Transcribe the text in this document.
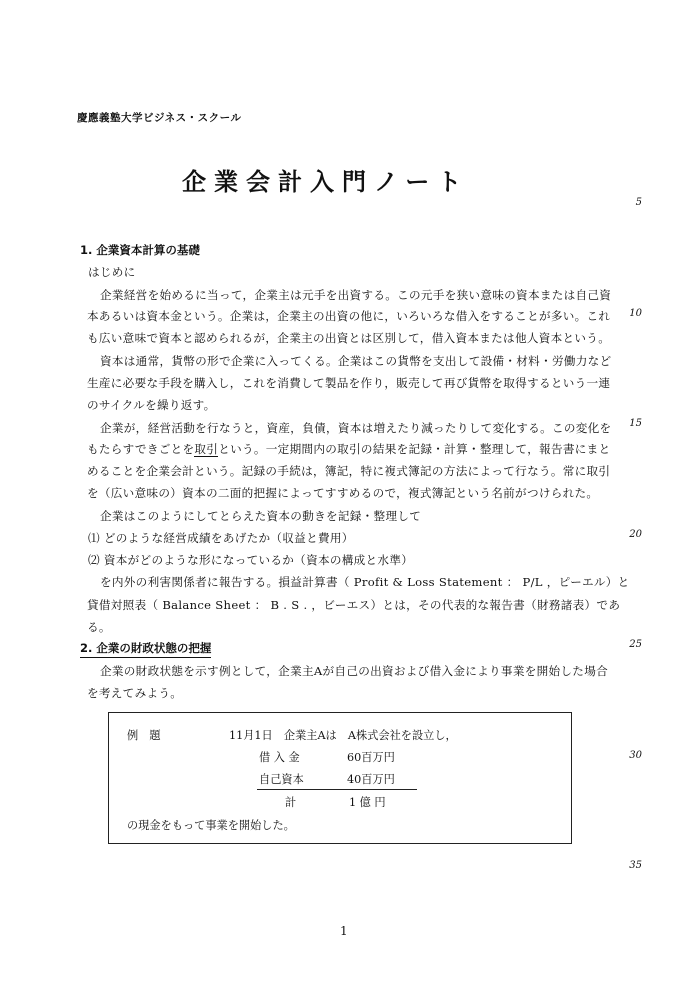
慶應義塾大学ビジネス・スクール
企業会計入門ノート
5
10
15
20
25
30
35
1. 企業資本計算の基礎
はじめに
企業経営を始めるに当って，企業主は元手を出資する。この元手を狭い意味の資本または自己資
本あるいは資本金という。企業は，企業主の出資の他に，いろいろな借入をすることが多い。これ
も広い意味で資本と認められるが，企業主の出資とは区別して，借入資本または他人資本という。
資本は通常，貨幣の形で企業に入ってくる。企業はこの貨幣を支出して設備・材料・労働力など
生産に必要な手段を購入し，これを消費して製品を作り，販売して再び貨幣を取得するという一連
のサイクルを繰り返す。
企業が，経営活動を行なうと，資産，負債，資本は増えたり減ったりして変化する。この変化を
もたらすできごとを取引という。一定期間内の取引の結果を記録・計算・整理して，報告書にまと
めることを企業会計という。記録の手続は，簿記，特に複式簿記の方法によって行なう。常に取引
を（広い意味の）資本の二面的把握によってすすめるので，複式簿記という名前がつけられた。
企業はこのようにしてとらえた資本の動きを記録・整理して
⑴ どのような経営成績をあげたか（収益と費用）
⑵ 資本がどのような形になっているか（資本の構成と水準）
を内外の利害関係者に報告する。損益計算書（ Profit & Loss Statement ： P/L ，ピーエル）と
貸借対照表（ Balance Sheet ： B . S . ，ビーエス）とは，その代表的な報告書（財務諸表）であ
る。
2. 企業の財政状態の把握
企業の財政状態を示す例として，企業主Aが自己の出資および借入金により事業を開始した場合
を考えてみよう。
例　題	11月1日　企業主Aは　A株式会社を設立し，
借 入 金	60百万円
自己資本	40百万円
計	1 億 円
の現金をもって事業を開始した。
1
